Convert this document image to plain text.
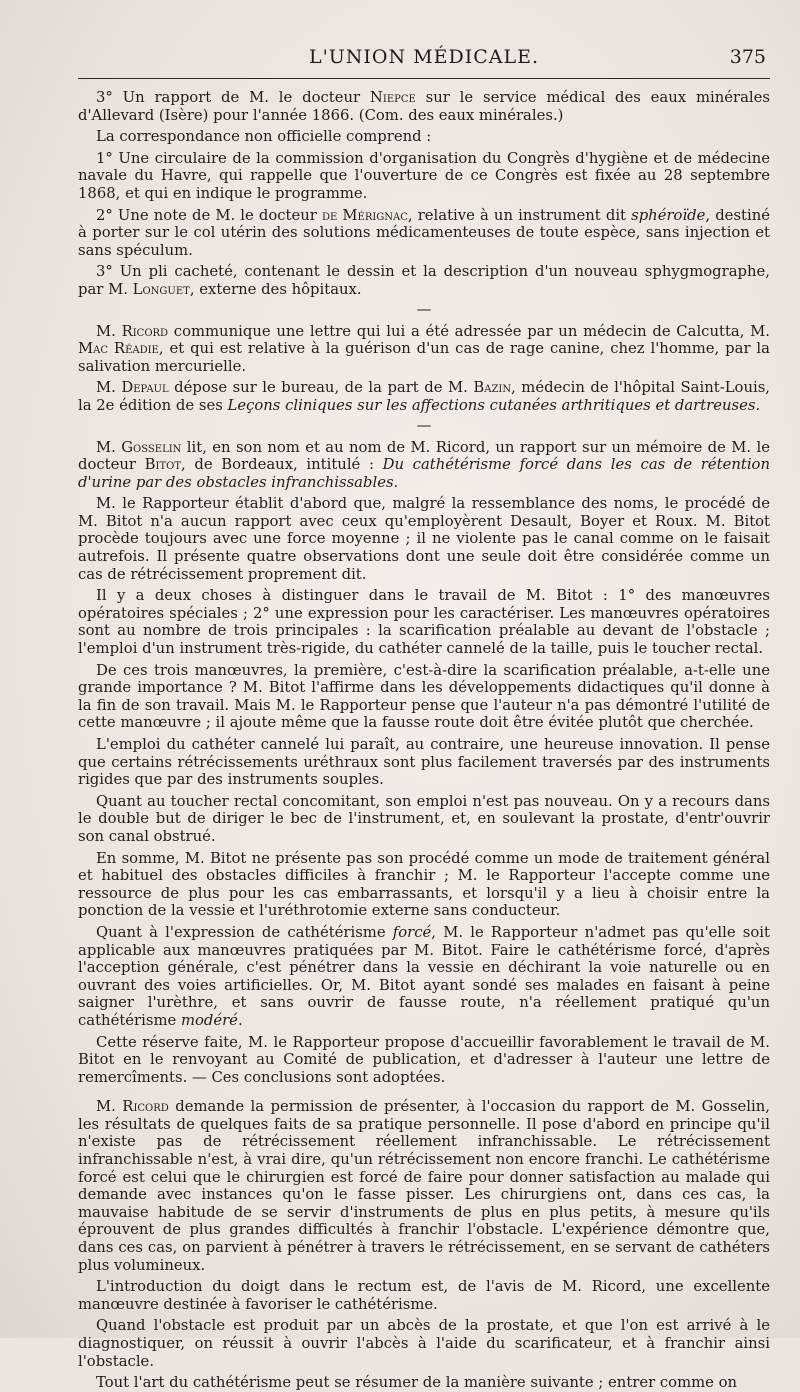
L'UNION MÉDICALE.	375

3° Un rapport de M. le docteur Niepce sur le service médical des eaux minérales d'Allevard (Isère) pour l'année 1866. (Com. des eaux minérales.)

La correspondance non officielle comprend :

1° Une circulaire de la commission d'organisation du Congrès d'hygiène et de médecine navale du Havre, qui rappelle que l'ouverture de ce Congrès est fixée au 28 septembre 1868, et qui en indique le programme.

2° Une note de M. le docteur de Mérignac, relative à un instrument dit sphéroïde, destiné à porter sur le col utérin des solutions médicamenteuses de toute espèce, sans injection et sans spéculum.

3° Un pli cacheté, contenant le dessin et la description d'un nouveau sphygmographe, par M. Longuet, externe des hôpitaux.

—

M. Ricord communique une lettre qui lui a été adressée par un médecin de Calcutta, M. Mac Réadie, et qui est relative à la guérison d'un cas de rage canine, chez l'homme, par la salivation mercurielle.

M. Depaul dépose sur le bureau, de la part de M. Bazin, médecin de l'hôpital Saint-Louis, la 2e édition de ses Leçons cliniques sur les affections cutanées arthritiques et dartreuses.

—

M. Gosselin lit, en son nom et au nom de M. Ricord, un rapport sur un mémoire de M. le docteur Bitot, de Bordeaux, intitulé : Du cathétérisme forcé dans les cas de rétention d'urine par des obstacles infranchissables.

M. le Rapporteur établit d'abord que, malgré la ressemblance des noms, le procédé de M. Bitot n'a aucun rapport avec ceux qu'employèrent Desault, Boyer et Roux. M. Bitot procède toujours avec une force moyenne ; il ne violente pas le canal comme on le faisait autrefois. Il présente quatre observations dont une seule doit être considérée comme un cas de rétrécissement proprement dit.

Il y a deux choses à distinguer dans le travail de M. Bitot : 1° des manœuvres opératoires spéciales ; 2° une expression pour les caractériser. Les manœuvres opératoires sont au nombre de trois principales : la scarification préalable au devant de l'obstacle ; l'emploi d'un instrument très-rigide, du cathéter cannelé de la taille, puis le toucher rectal.

De ces trois manœuvres, la première, c'est-à-dire la scarification préalable, a-t-elle une grande importance ? M. Bitot l'affirme dans les développements didactiques qu'il donne à la fin de son travail. Mais M. le Rapporteur pense que l'auteur n'a pas démontré l'utilité de cette manœuvre ; il ajoute même que la fausse route doit être évitée plutôt que cherchée.

L'emploi du cathéter cannelé lui paraît, au contraire, une heureuse innovation. Il pense que certains rétrécissements uréthraux sont plus facilement traversés par des instruments rigides que par des instruments souples.

Quant au toucher rectal concomitant, son emploi n'est pas nouveau. On y a recours dans le double but de diriger le bec de l'instrument, et, en soulevant la prostate, d'entr'ouvrir son canal obstrué.

En somme, M. Bitot ne présente pas son procédé comme un mode de traitement général et habituel des obstacles difficiles à franchir ; M. le Rapporteur l'accepte comme une ressource de plus pour les cas embarrassants, et lorsqu'il y a lieu à choisir entre la ponction de la vessie et l'uréthrotomie externe sans conducteur.

Quant à l'expression de cathétérisme forcé, M. le Rapporteur n'admet pas qu'elle soit applicable aux manœuvres pratiquées par M. Bitot. Faire le cathétérisme forcé, d'après l'acception générale, c'est pénétrer dans la vessie en déchirant la voie naturelle ou en ouvrant des voies artificielles. Or, M. Bitot ayant sondé ses malades en faisant à peine saigner l'urèthre, et sans ouvrir de fausse route, n'a réellement pratiqué qu'un cathétérisme modéré.

Cette réserve faite, M. le Rapporteur propose d'accueillir favorablement le travail de M. Bitot en le renvoyant au Comité de publication, et d'adresser à l'auteur une lettre de remercîments. — Ces conclusions sont adoptées.

M. Ricord demande la permission de présenter, à l'occasion du rapport de M. Gosselin, les résultats de quelques faits de sa pratique personnelle. Il pose d'abord en principe qu'il n'existe pas de rétrécissement réellement infranchissable. Le rétrécissement infranchissable n'est, à vrai dire, qu'un rétrécissement non encore franchi. Le cathétérisme forcé est celui que le chirurgien est forcé de faire pour donner satisfaction au malade qui demande avec instances qu'on le fasse pisser. Les chirurgiens ont, dans ces cas, la mauvaise habitude de se servir d'instruments de plus en plus petits, à mesure qu'ils éprouvent de plus grandes difficultés à franchir l'obstacle. L'expérience démontre que, dans ces cas, on parvient à pénétrer à travers le rétrécissement, en se servant de cathéters plus volumineux.

L'introduction du doigt dans le rectum est, de l'avis de M. Ricord, une excellente manœuvre destinée à favoriser le cathétérisme.

Quand l'obstacle est produit par un abcès de la prostate, et que l'on est arrivé à le diagnostiquer, on réussit à ouvrir l'abcès à l'aide du scarificateur, et à franchir ainsi l'obstacle.

Tout l'art du cathétérisme peut se résumer de la manière suivante ; entrer comme on
